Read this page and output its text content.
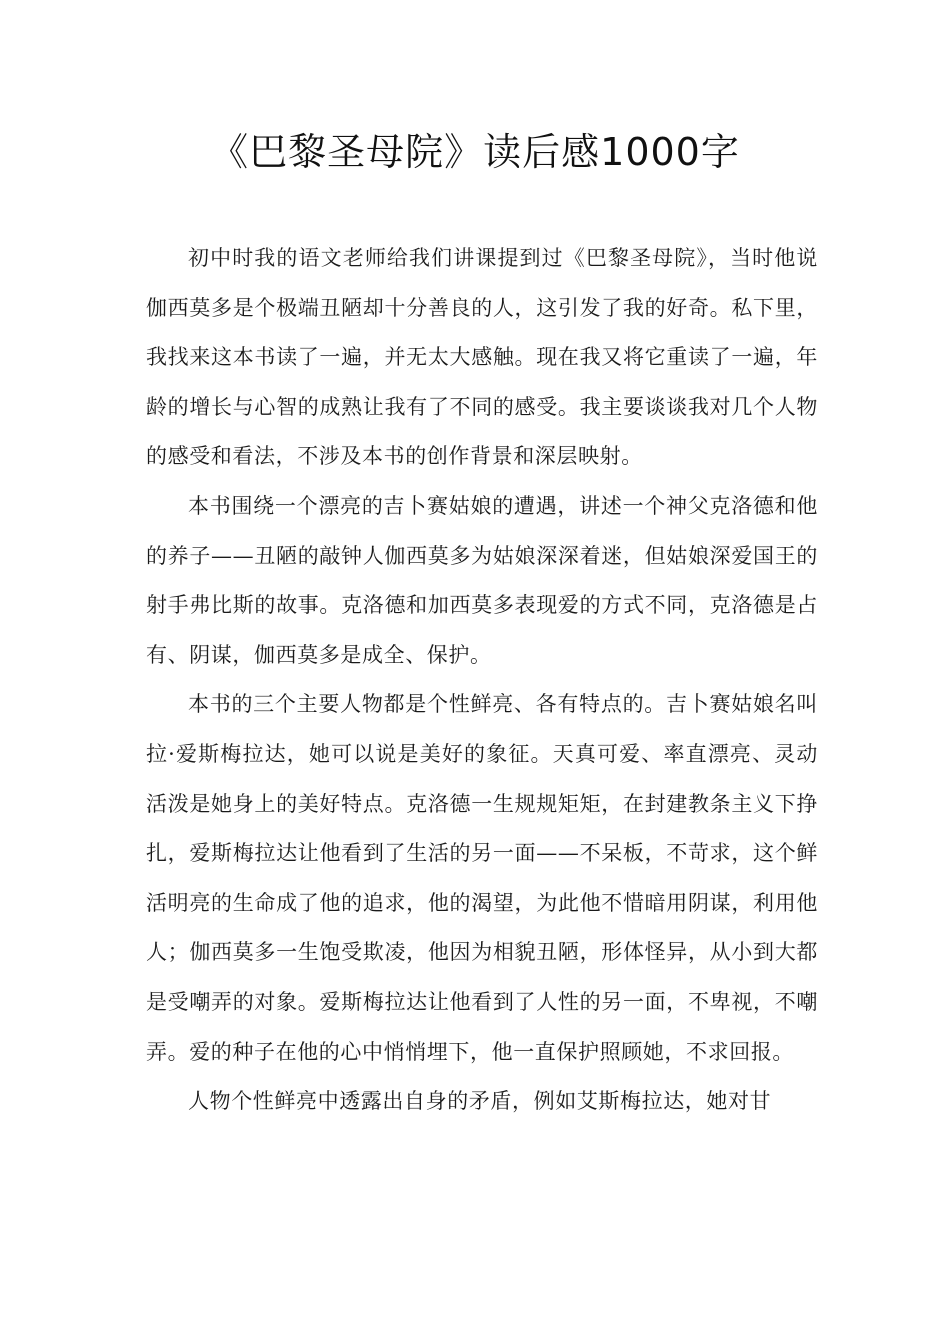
《巴黎圣母院》读后感1000字

初中时我的语文老师给我们讲课提到过《巴黎圣母院》，当时他说伽西莫多是个极端丑陋却十分善良的人，这引发了我的好奇。私下里，我找来这本书读了一遍，并无太大感触。现在我又将它重读了一遍，年龄的增长与心智的成熟让我有了不同的感受。我主要谈谈我对几个人物的感受和看法，不涉及本书的创作背景和深层映射。

本书围绕一个漂亮的吉卜赛姑娘的遭遇，讲述一个神父克洛德和他的养子——丑陋的敲钟人伽西莫多为姑娘深深着迷，但姑娘深爱国王的射手弗比斯的故事。克洛德和加西莫多表现爱的方式不同，克洛德是占有、阴谋，伽西莫多是成全、保护。

本书的三个主要人物都是个性鲜亮、各有特点的。吉卜赛姑娘名叫拉·爱斯梅拉达，她可以说是美好的象征。天真可爱、率直漂亮、灵动活泼是她身上的美好特点。克洛德一生规规矩矩，在封建教条主义下挣扎，爱斯梅拉达让他看到了生活的另一面——不呆板，不苛求，这个鲜活明亮的生命成了他的追求，他的渴望，为此他不惜暗用阴谋，利用他人；伽西莫多一生饱受欺凌，他因为相貌丑陋，形体怪异，从小到大都是受嘲弄的对象。爱斯梅拉达让他看到了人性的另一面，不卑视，不嘲弄。爱的种子在他的心中悄悄埋下，他一直保护照顾她，不求回报。

人物个性鲜亮中透露出自身的矛盾，例如艾斯梅拉达，她对甘
